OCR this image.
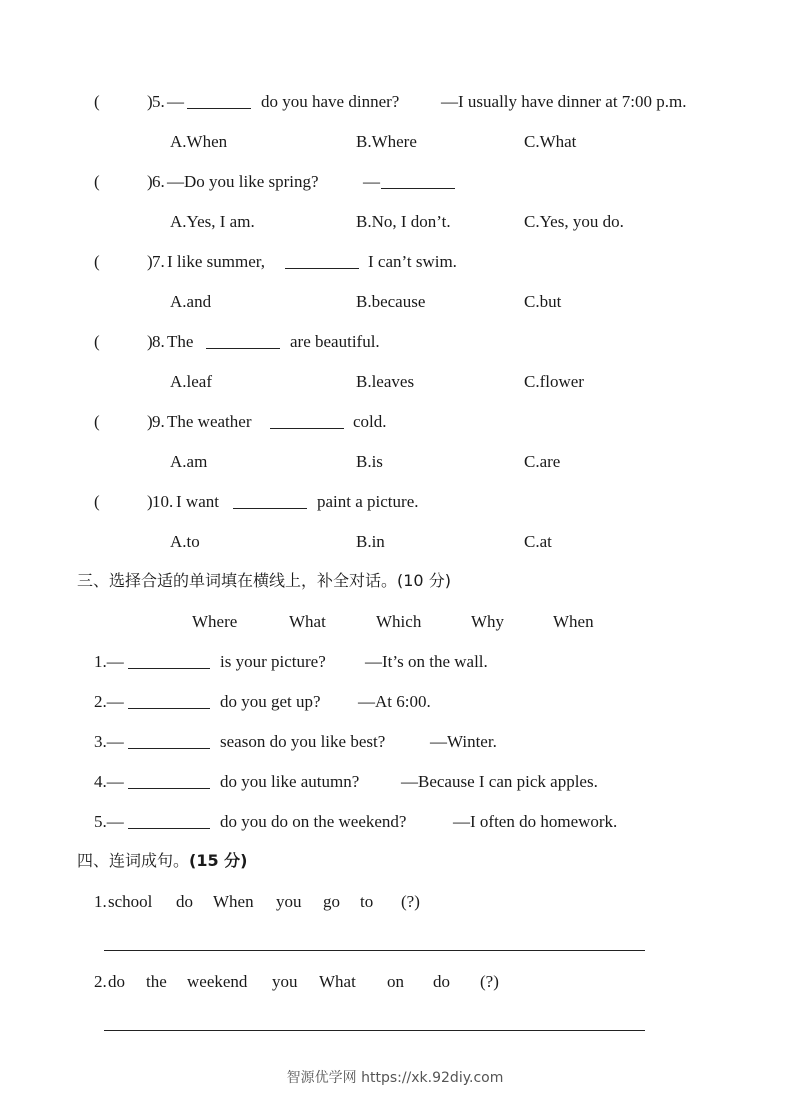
(	) 5. —	do you have dinner? —I usually have dinner at 7:00 p.m.
A.When	B.Where	C.What
(	) 6. —Do you like spring?	—
A.Yes, I am.	B.No, I don’t.	C.Yes, you do.
(	) 7. I like summer,	I can’t swim.
A.and	B.because	C.but
(	) 8. The	are beautiful.
A.leaf	B.leaves	C.flower
(	) 9. The weather	cold.
A.am	B.is	C.are
(	) 10. I want	paint a picture.
A.to	B.in	C.at
三、选择合适的单词填在横线上，补全对话。(10 分)
Where	What	Which	Why	When
1.—	is your picture? —It’s on the wall.
2.—	do you get up? —At 6:00.
3.—	season do you like best?	—Winter.
4.—	do you like autumn? —Because I can pick apples.
5.—	do you do on the weekend?	—I often do homework.
四、连词成句。(15 分)
1. school do When you go to (?)
2. do the weekend you What on do (?)
智源优学网 https://xk.92diy.com
